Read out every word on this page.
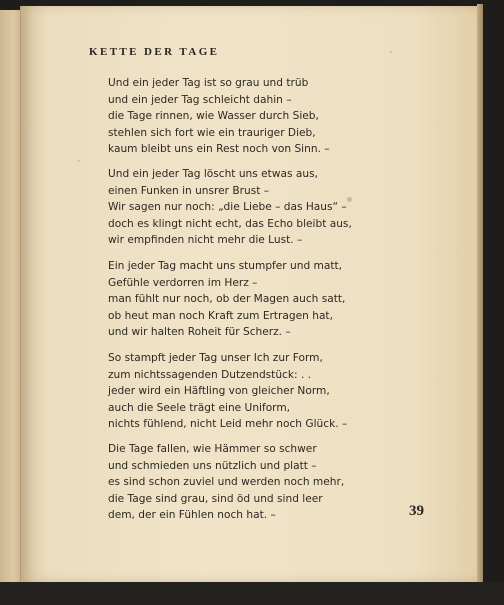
KETTE DER TAGE
Und ein jeder Tag ist so grau und trüb
und ein jeder Tag schleicht dahin –
die Tage rinnen, wie Wasser durch Sieb,
stehlen sich fort wie ein trauriger Dieb,
kaum bleibt uns ein Rest noch von Sinn. –
Und ein jeder Tag löscht uns etwas aus,
einen Funken in unsrer Brust –
Wir sagen nur noch: „die Liebe – das Haus“ –
doch es klingt nicht echt, das Echo bleibt aus,
wir empfinden nicht mehr die Lust. –
Ein jeder Tag macht uns stumpfer und matt,
Gefühle verdorren im Herz –
man fühlt nur noch, ob der Magen auch satt,
ob heut man noch Kraft zum Ertragen hat,
und wir halten Roheit für Scherz. –
So stampft jeder Tag unser Ich zur Form,
zum nichtssagenden Dutzendstück: . .
jeder wird ein Häftling von gleicher Norm,
auch die Seele trägt eine Uniform,
nichts fühlend, nicht Leid mehr noch Glück. –
Die Tage fallen, wie Hämmer so schwer
und schmieden uns nützlich und platt –
es sind schon zuviel und werden noch mehr,
die Tage sind grau, sind öd und sind leer
dem, der ein Fühlen noch hat. –	39
